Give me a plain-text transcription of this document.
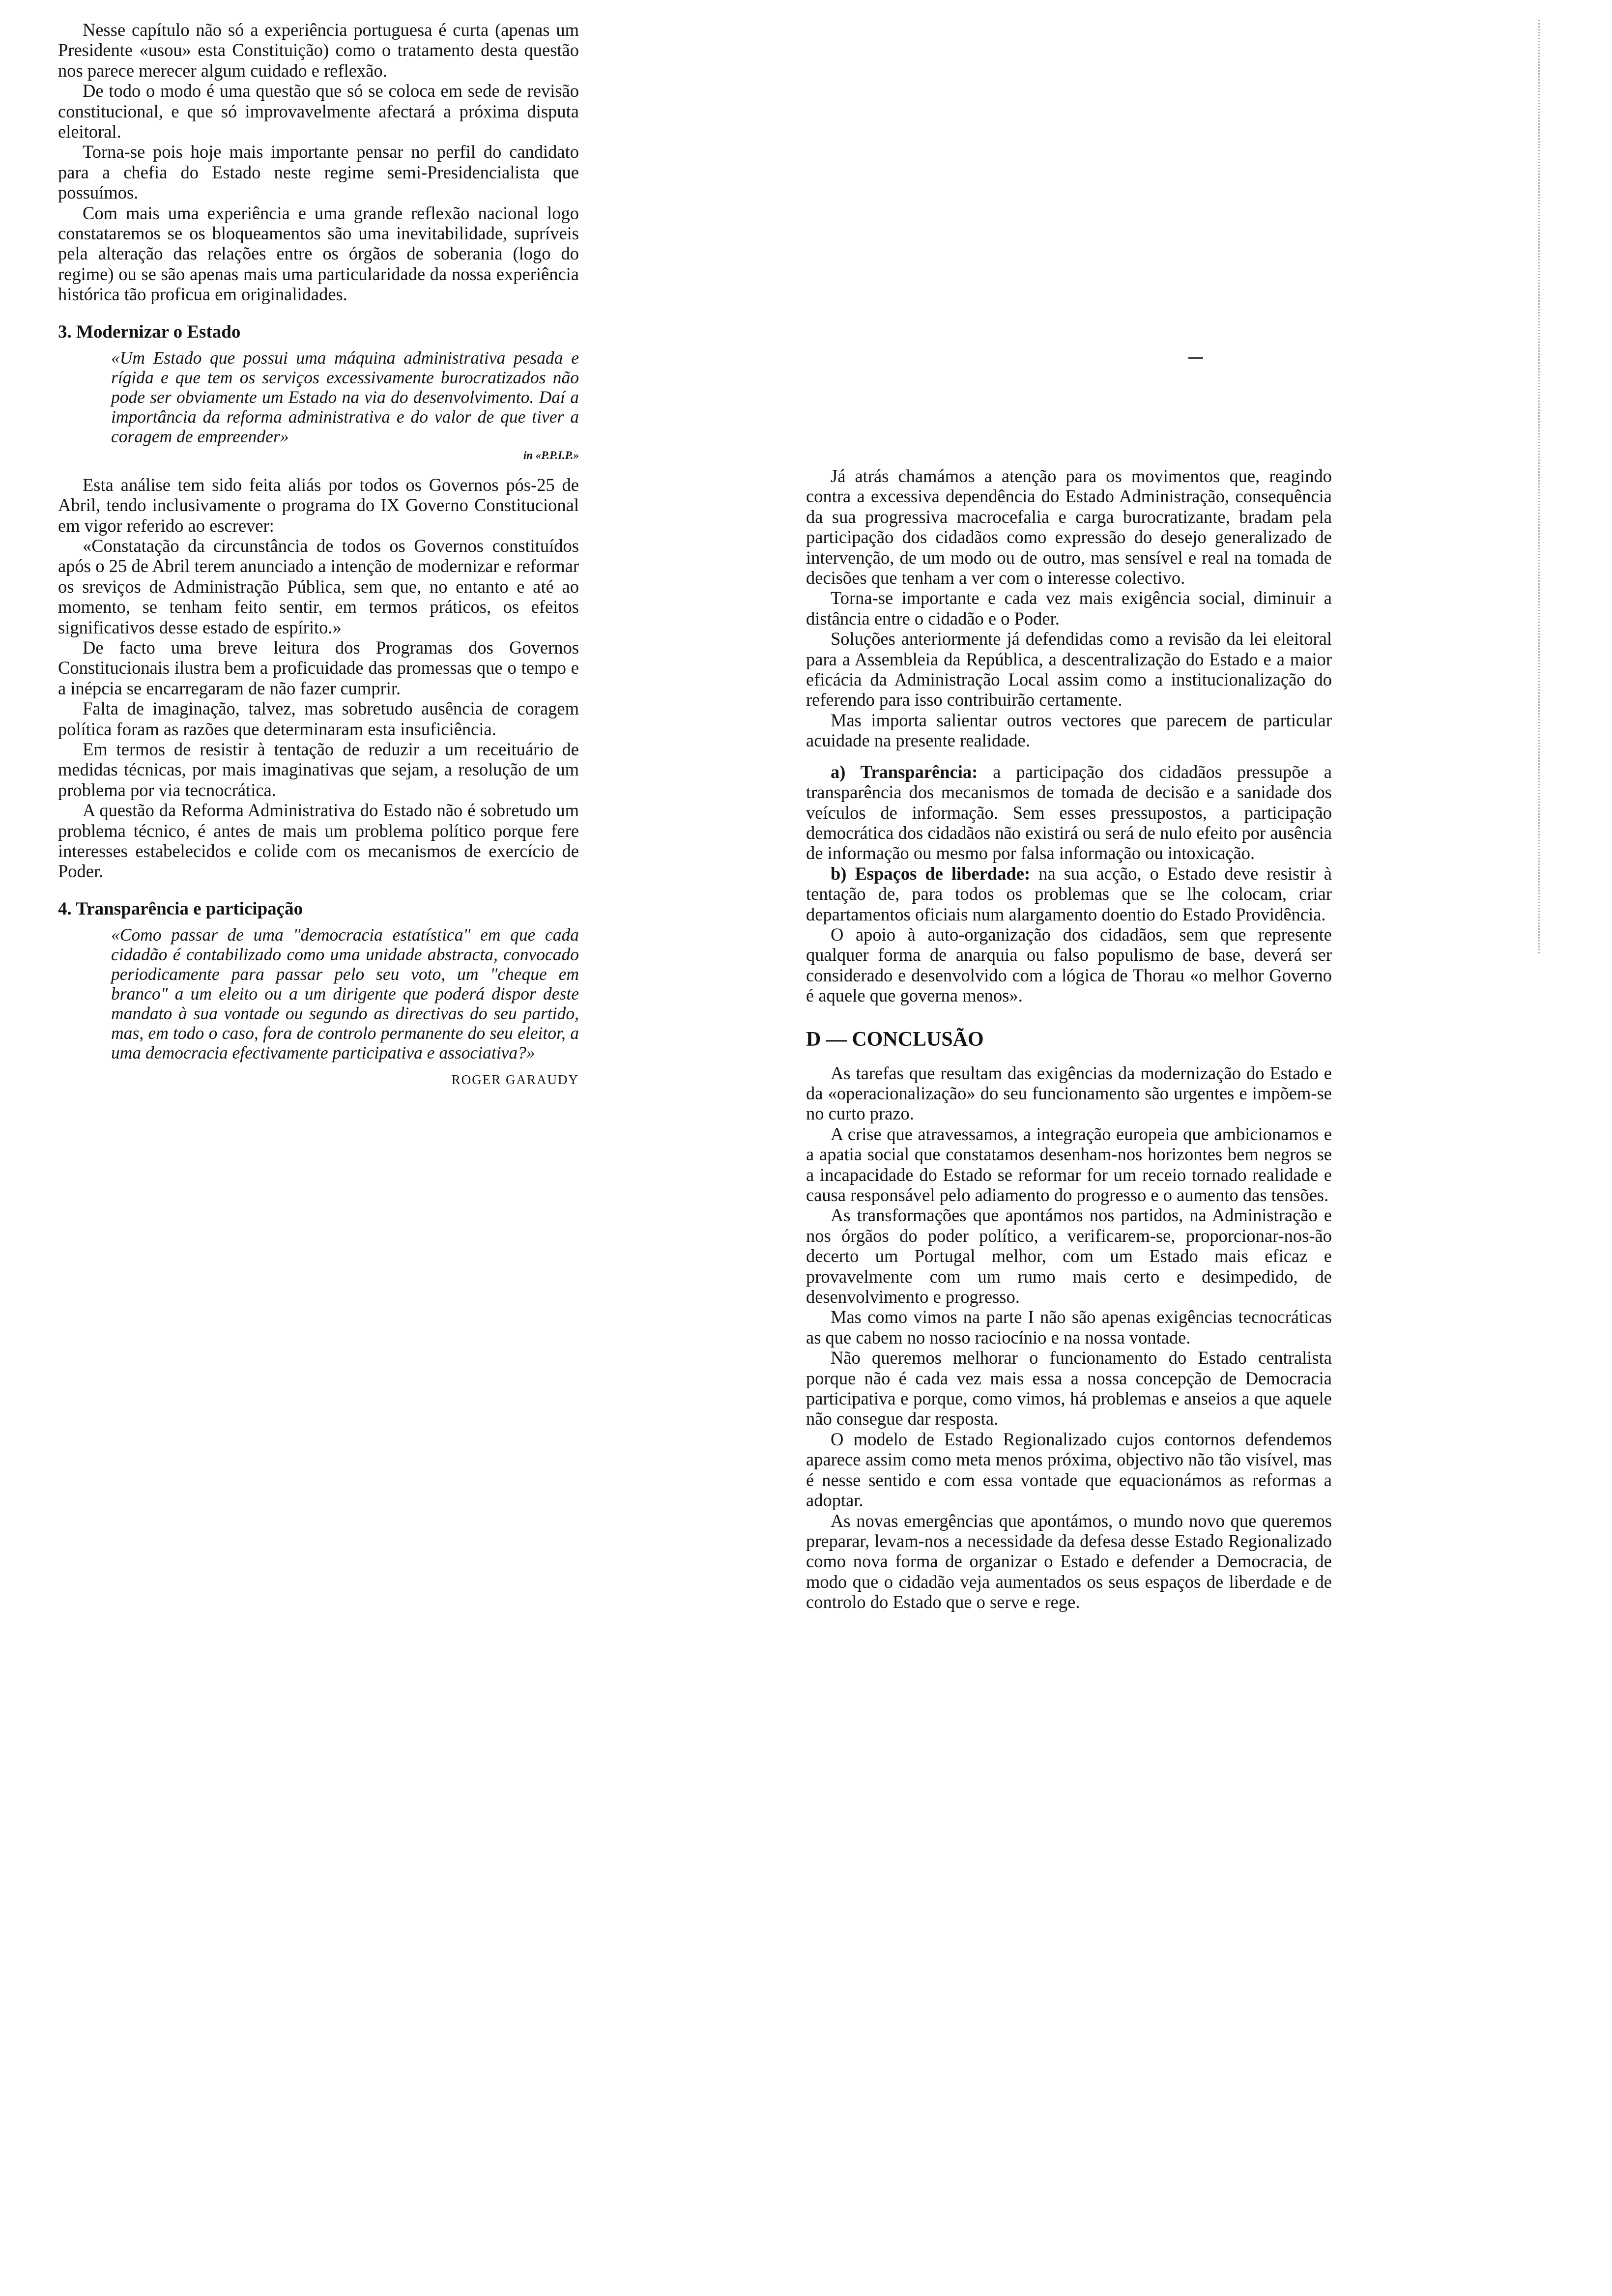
Nesse capítulo não só a experiência portuguesa é curta (apenas um Presidente «usou» esta Constituição) como o tratamento desta questão nos parece merecer algum cuidado e reflexão.

De todo o modo é uma questão que só se coloca em sede de revisão constitucional, e que só improvavelmente afectará a próxima disputa eleitoral.

Torna-se pois hoje mais importante pensar no perfil do candidato para a chefia do Estado neste regime semi-Presidencialista que possuímos.

Com mais uma experiência e uma grande reflexão nacional logo constataremos se os bloqueamentos são uma inevitabilidade, supríveis pela alteração das relações entre os órgãos de soberania (logo do regime) ou se são apenas mais uma particularidade da nossa experiência histórica tão proficua em originalidades.

3. Modernizar o Estado
«Um Estado que possui uma máquina administrativa pesada e rígida e que tem os serviços excessivamente burocratizados não pode ser obviamente um Estado na via do desenvolvimento. Daí a importância da reforma administrativa e do valor de que tiver a coragem de empreender»
in «P.P.I.P.»

Esta análise tem sido feita aliás por todos os Governos pós-25 de Abril, tendo inclusivamente o programa do IX Governo Constitucional em vigor referido ao escrever:

«Constatação da circunstância de todos os Governos constituídos após o 25 de Abril terem anunciado a intenção de modernizar e reformar os sreviços de Administração Pública, sem que, no entanto e até ao momento, se tenham feito sentir, em termos práticos, os efeitos significativos desse estado de espírito.»

De facto uma breve leitura dos Programas dos Governos Constitucionais ilustra bem a proficuidade das promessas que o tempo e a inépcia se encarregaram de não fazer cumprir.

Falta de imaginação, talvez, mas sobretudo ausência de coragem política foram as razões que determinaram esta insuficiência.

Em termos de resistir à tentação de reduzir a um receituário de medidas técnicas, por mais imaginativas que sejam, a resolução de um problema por via tecnocrática.

A questão da Reforma Administrativa do Estado não é sobretudo um problema técnico, é antes de mais um problema político porque fere interesses estabelecidos e colide com os mecanismos de exercício de Poder.

4. Transparência e participação
«Como passar de uma "democracia estatística" em que cada cidadão é contabilizado como uma unidade abstracta, convocado periodicamente para passar pelo seu voto, um "cheque em branco" a um eleito ou a um dirigente que poderá dispor deste mandato à sua vontade ou segundo as directivas do seu partido, mas, em todo o caso, fora de controlo permanente do seu eleitor, a uma democracia efectivamente participativa e associativa?»
ROGER GARAUDY

Já atrás chamámos a atenção para os movimentos que, reagindo contra a excessiva dependência do Estado Administração, consequência da sua progressiva macrocefalia e carga burocratizante, bradam pela participação dos cidadãos como expressão do desejo generalizado de intervenção, de um modo ou de outro, mas sensível e real na tomada de decisões que tenham a ver com o interesse colectivo.

Torna-se importante e cada vez mais exigência social, diminuir a distância entre o cidadão e o Poder.

Soluções anteriormente já defendidas como a revisão da lei eleitoral para a Assembleia da República, a descentralização do Estado e a maior eficácia da Administração Local assim como a institucionalização do referendo para isso contribuirão certamente.

Mas importa salientar outros vectores que parecem de particular acuidade na presente realidade.

a) Transparência: a participação dos cidadãos pressupõe a transparência dos mecanismos de tomada de decisão e a sanidade dos veículos de informação. Sem esses pressupostos, a participação democrática dos cidadãos não existirá ou será de nulo efeito por ausência de informação ou mesmo por falsa informação ou intoxicação.

b) Espaços de liberdade: na sua acção, o Estado deve resistir à tentação de, para todos os problemas que se lhe colocam, criar departamentos oficiais num alargamento doentio do Estado Providência.

O apoio à auto-organização dos cidadãos, sem que represente qualquer forma de anarquia ou falso populismo de base, deverá ser considerado e desenvolvido com a lógica de Thorau «o melhor Governo é aquele que governa menos».

D — CONCLUSÃO

As tarefas que resultam das exigências da modernização do Estado e da «operacionalização» do seu funcionamento são urgentes e impõem-se no curto prazo.

A crise que atravessamos, a integração europeia que ambicionamos e a apatia social que constatamos desenham-nos horizontes bem negros se a incapacidade do Estado se reformar for um receio tornado realidade e causa responsável pelo adiamento do progresso e o aumento das tensões.

As transformações que apontámos nos partidos, na Administração e nos órgãos do poder político, a verificarem-se, proporcionar-nos-ão decerto um Portugal melhor, com um Estado mais eficaz e provavelmente com um rumo mais certo e desimpedido, de desenvolvimento e progresso.

Mas como vimos na parte I não são apenas exigências tecnocráticas as que cabem no nosso raciocínio e na nossa vontade.

Não queremos melhorar o funcionamento do Estado centralista porque não é cada vez mais essa a nossa concepção de Democracia participativa e porque, como vimos, há problemas e anseios a que aquele não consegue dar resposta.

O modelo de Estado Regionalizado cujos contornos defendemos aparece assim como meta menos próxima, objectivo não tão visível, mas é nesse sentido e com essa vontade que equacionámos as reformas a adoptar.

As novas emergências que apontámos, o mundo novo que queremos preparar, levam-nos a necessidade da defesa desse Estado Regionalizado como nova forma de organizar o Estado e defender a Democracia, de modo que o cidadão veja aumentados os seus espaços de liberdade e de controlo do Estado que o serve e rege.
